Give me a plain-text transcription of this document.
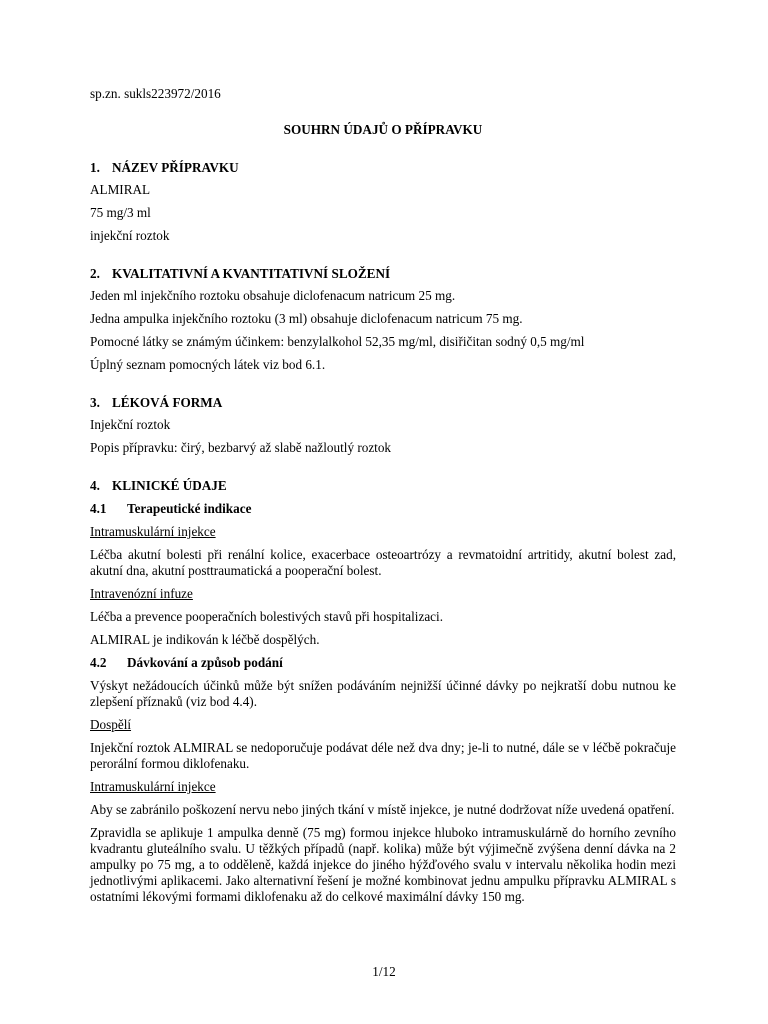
sp.zn. sukls223972/2016

SOUHRN ÚDAJŮ O PŘÍPRAVKU

1. NÁZEV PŘÍPRAVKU

ALMIRAL

75 mg/3 ml

injekční roztok

2. KVALITATIVNÍ A KVANTITATIVNÍ SLOŽENÍ

Jeden ml injekčního roztoku obsahuje diclofenacum natricum 25 mg.

Jedna ampulka injekčního roztoku (3 ml) obsahuje diclofenacum natricum 75 mg.

Pomocné látky se známým účinkem: benzylalkohol 52,35 mg/ml, disiřičitan sodný 0,5 mg/ml

Úplný seznam pomocných látek viz bod 6.1.

3. LÉKOVÁ FORMA

Injekční roztok

Popis přípravku: čirý, bezbarvý až slabě nažloutlý roztok

4. KLINICKÉ ÚDAJE
4.1	Terapeutické indikace

Intramuskulární injekce

Léčba akutní bolesti při renální kolice, exacerbace osteoartrózy a revmatoidní artritidy, akutní bolest zad, akutní dna, akutní posttraumatická a pooperační bolest.

Intravenózní infuze

Léčba a prevence pooperačních bolestivých stavů při hospitalizaci.

ALMIRAL je indikován k léčbě dospělých.

4.2	Dávkování a způsob podání

Výskyt nežádoucích účinků může být snížen podáváním nejnižší účinné dávky po nejkratší dobu nutnou ke zlepšení příznaků (viz bod 4.4).

Dospělí

Injekční roztok ALMIRAL se nedoporučuje podávat déle než dva dny; je-li to nutné, dále se v léčbě pokračuje perorální formou diklofenaku.

Intramuskulární injekce

Aby se zabránilo poškození nervu nebo jiných tkání v místě injekce, je nutné dodržovat níže uvedená opatření.

Zpravidla se aplikuje 1 ampulka denně (75 mg) formou injekce hluboko intramuskulárně do horního zevního kvadrantu gluteálního svalu. U těžkých případů (např. kolika) může být výjimečně zvýšena denní dávka na 2 ampulky po 75 mg, a to odděleně, každá injekce do jiného hýžďového svalu v intervalu několika hodin mezi jednotlivými aplikacemi. Jako alternativní řešení je možné kombinovat jednu ampulku přípravku ALMIRAL s ostatními lékovými formami diklofenaku až do celkové maximální dávky 150 mg.

1/12
